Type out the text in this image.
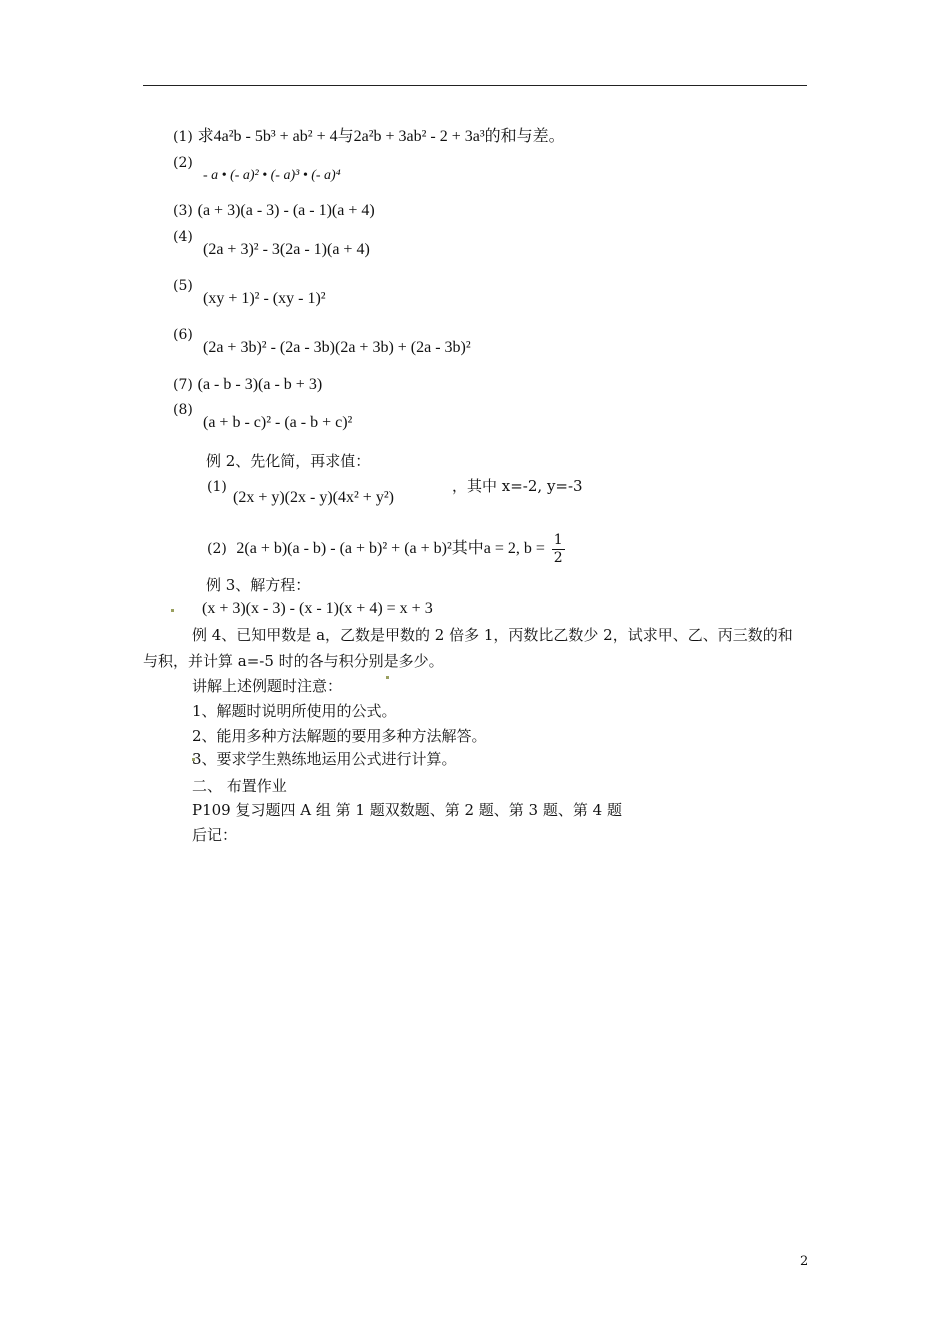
(1) 求4a²b - 5b³ + ab² + 4与2a²b + 3ab² - 2 + 3a³的和与差。
(2)
- a • (- a)² • (- a)³ • (- a)⁴
(3) (a + 3)(a - 3) - (a - 1)(a + 4)
(4)
(2a + 3)² - 3(2a - 1)(a + 4)
(5)
(xy + 1)² - (xy - 1)²
(6)
(2a + 3b)² - (2a - 3b)(2a + 3b) + (2a - 3b)²
(7) (a - b - 3)(a - b + 3)
(8)
(a + b - c)² - (a - b + c)²
例 2、先化简，再求值：
(1)
(2x + y)(2x - y)(4x² + y²)
，其中 x=-2, y=-3
(2) 2(a + b)(a - b) - (a + b)² + (a + b)²其中a = 2, $b = \frac{1}{2}$
例 3、解方程：
(x + 3)(x - 3) - (x - 1)(x + 4) = x + 3
例 4、已知甲数是 a，乙数是甲数的 2 倍多 1，丙数比乙数少 2，试求甲、乙、丙三数的和
与积，并计算 a=-5 时的各与积分别是多少。
讲解上述例题时注意：
1、解题时说明所使用的公式。
2、能用多种方法解题的要用多种方法解答。
3、要求学生熟练地运用公式进行计算。
二、 布置作业
P109 复习题四 A 组 第 1 题双数题、第 2 题、第 3 题、第 4 题
后记：
2
